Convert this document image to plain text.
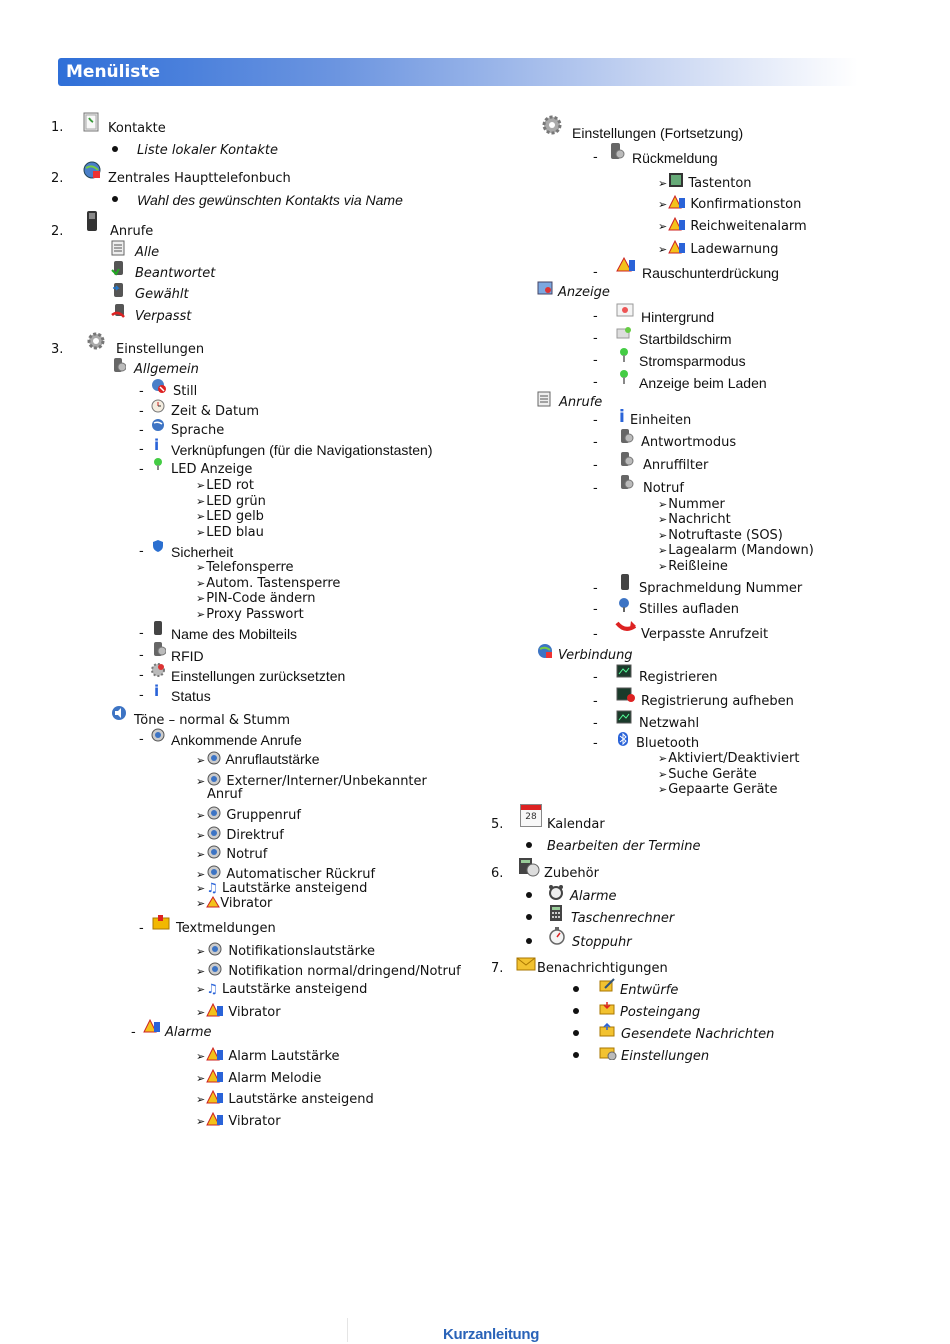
Menüliste
1.	Kontakte
Liste lokaler Kontakte
2.	Zentrales Haupttelefonbuch
Wahl des gewünschten Kontakts via Name
2.	Anrufe
Alle
Beantwortet
Gewählt
Verpasst
3.	Einstellungen
Allgemein
- Still
- Zeit & Datum
- Sprache
- i Verknüpfungen (für die Navigationstasten)
- LED Anzeige
➢LED rot
➢LED grün
➢LED gelb
➢LED blau
- Sicherheit
➢Telefonsperre
➢Autom. Tastensperre
➢PIN-Code ändern
➢Proxy Passwort
- Name des Mobilteils
- RFID
- Einstellungen zurücksetzten
- i Status
Töne – normal & Stumm
- Ankommende Anrufe
➢ Anruflautstärke
➢ Externer/Interner/Unbekannter
Anruf
➢ Gruppenruf
➢ Direktruf
➢ Notruf
➢ Automatischer Rückruf
➢♫ Lautstärke ansteigend
➢ Vibrator
- Textmeldungen
➢ Notifikationslautstärke
➢ Notifikation normal/dringend/Notruf
➢♫ Lautstärke ansteigend
➢ Vibrator
- Alarme
➢ Alarm Lautstärke
➢ Alarm Melodie
➢ Lautstärke ansteigend
➢ Vibrator
Einstellungen (Fortsetzung)
- Rückmeldung
➢ Tastenton
➢ Konfirmationston
➢ Reichweitenalarm
➢ Ladewarnung
-	Rauschunterdrückung
Anzeige
-	Hintergrund
-	Startbildschirm
-	Stromsparmodus
-	Anzeige beim Laden
Anrufe
- i Einheiten
-	Antwortmodus
-	Anruffilter
-	Notruf
➢Nummer
➢Nachricht
➢Notruftaste (SOS)
➢Lagealarm (Mandown)
➢Reißleine
-	Sprachmeldung Nummer
-	Stilles aufladen
-	Verpasste Anrufzeit
Verbindung
-	Registrieren
-	Registrierung aufheben
-	Netzwahl
-	Bluetooth
➢Aktiviert/Deaktiviert
➢Suche Geräte
➢Gepaarte Geräte
5.	28 Kalendar
Bearbeiten der Termine
6.	Zubehör
Alarme
Taschenrechner
Stoppuhr
7.	Benachrichtigungen
Entwürfe
Posteingang
Gesendete Nachrichten
Einstellungen
Kurzanleitung
